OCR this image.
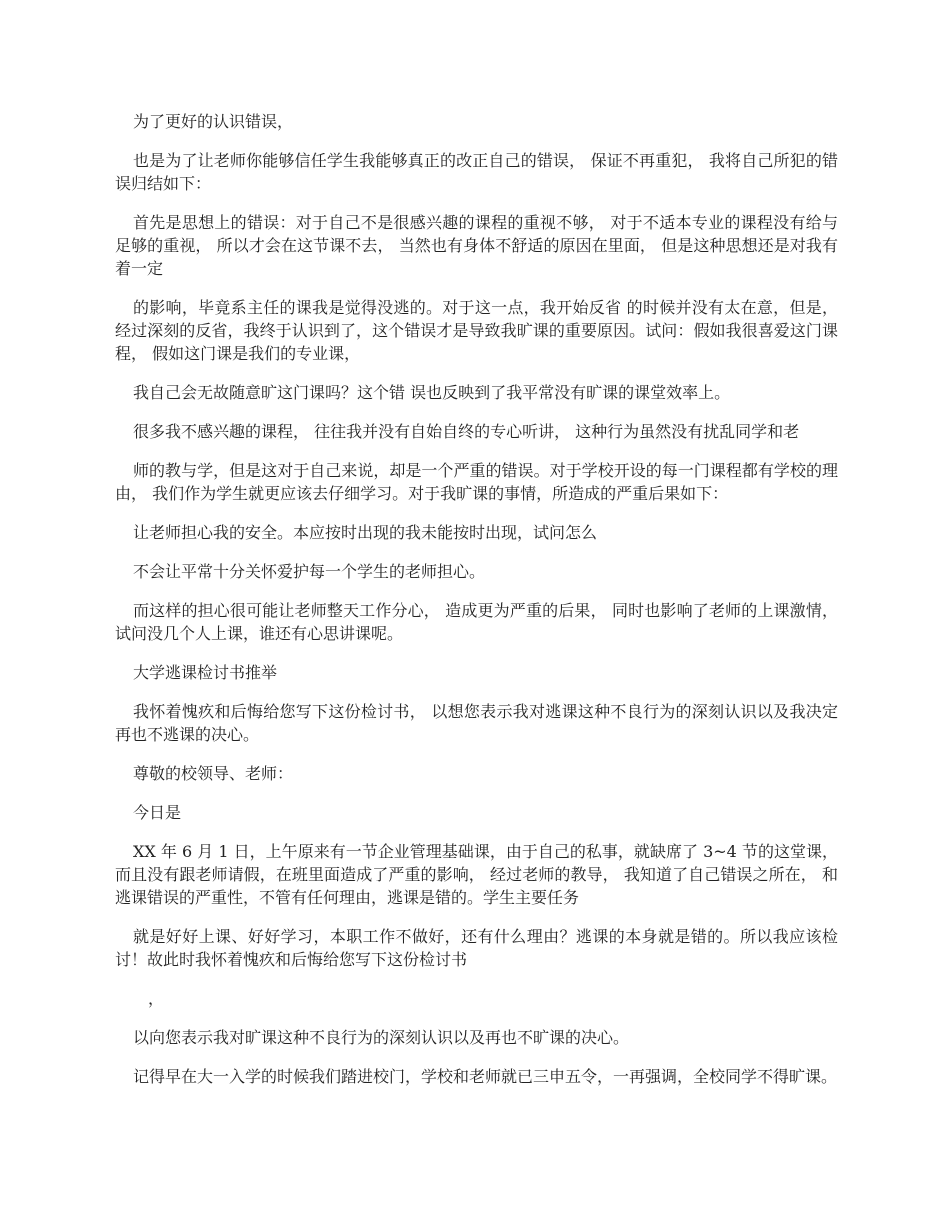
为了更好的认识错误，

也是为了让老师你能够信任学生我能够真正的改正自己的错误， 保证不再重犯， 我将自己所犯的错误归结如下：

首先是思想上的错误：对于自己不是很感兴趣的课程的重视不够， 对于不适本专业的课程没有给与足够的重视， 所以才会在这节课不去， 当然也有身体不舒适的原因在里面， 但是这种思想还是对我有着一定

的影响，毕竟系主任的课我是觉得没逃的。对于这一点，我开始反省 的时候并没有太在意，但是，经过深刻的反省，我终于认识到了，这个错误才是导致我旷课的重要原因。试问：假如我很喜爱这门课程， 假如这门课是我们的专业课，

我自己会无故随意旷这门课吗？这个错 误也反映到了我平常没有旷课的课堂效率上。

很多我不感兴趣的课程， 往往我并没有自始自终的专心听讲， 这种行为虽然没有扰乱同学和老

师的教与学，但是这对于自己来说，却是一个严重的错误。对于学校开设的每一门课程都有学校的理由， 我们作为学生就更应该去仔细学习。对于我旷课的事情，所造成的严重后果如下：

让老师担心我的安全。本应按时出现的我未能按时出现，试问怎么

不会让平常十分关怀爱护每一个学生的老师担心。

而这样的担心很可能让老师整天工作分心， 造成更为严重的后果， 同时也影响了老师的上课激情，试问没几个人上课，谁还有心思讲课呢。

大学逃课检讨书推举

我怀着愧疚和后悔给您写下这份检讨书， 以想您表示我对逃课这种不良行为的深刻认识以及我决定再也不逃课的决心。

尊敬的校领导、老师：

今日是

XX 年 6 月 1 日，上午原来有一节企业管理基础课，由于自己的私事，就缺席了 3~4 节的这堂课，而且没有跟老师请假，在班里面造成了严重的影响， 经过老师的教导， 我知道了自己错误之所在， 和逃课错误的严重性，不管有任何理由，逃课是错的。学生主要任务

就是好好上课、好好学习，本职工作不做好，还有什么理由？逃课的本身就是错的。所以我应该检讨！故此时我怀着愧疚和后悔给您写下这份检讨书

，

以向您表示我对旷课这种不良行为的深刻认识以及再也不旷课的决心。

记得早在大一入学的时候我们踏进校门，学校和老师就已三申五令，一再强调，全校同学不得旷课。
